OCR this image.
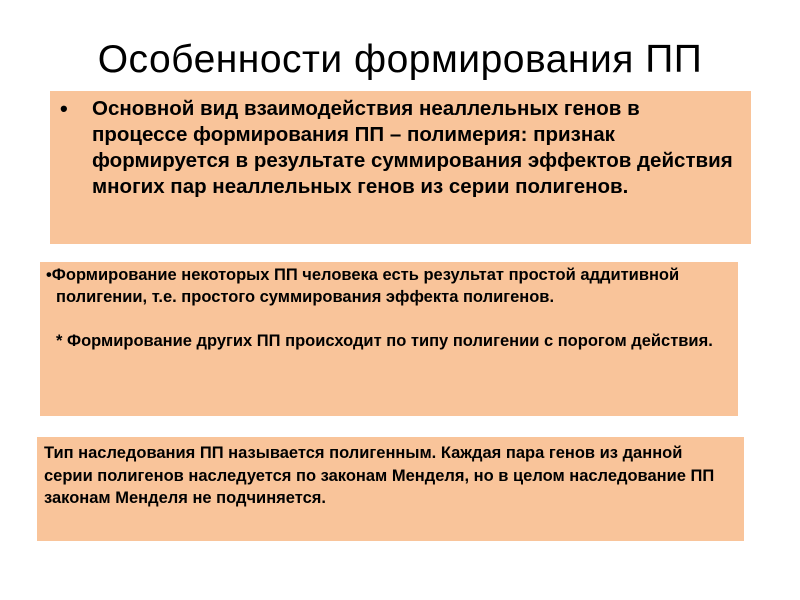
Особенности формирования ПП
• Основной вид взаимодействия неаллельных генов в процессе формирования ПП – полимерия: признак формируется в результате суммирования эффектов действия многих пар неаллельных генов из серии полигенов.
•Формирование некоторых ПП человека есть результат простой аддитивной полигении, т.е. простого суммирования эффекта полигенов.
* Формирование других ПП происходит по типу полигении с порогом действия.
Тип наследования ПП называется полигенным. Каждая пара генов из данной серии полигенов наследуется по законам Менделя, но в целом наследование ПП законам Менделя не подчиняется.
